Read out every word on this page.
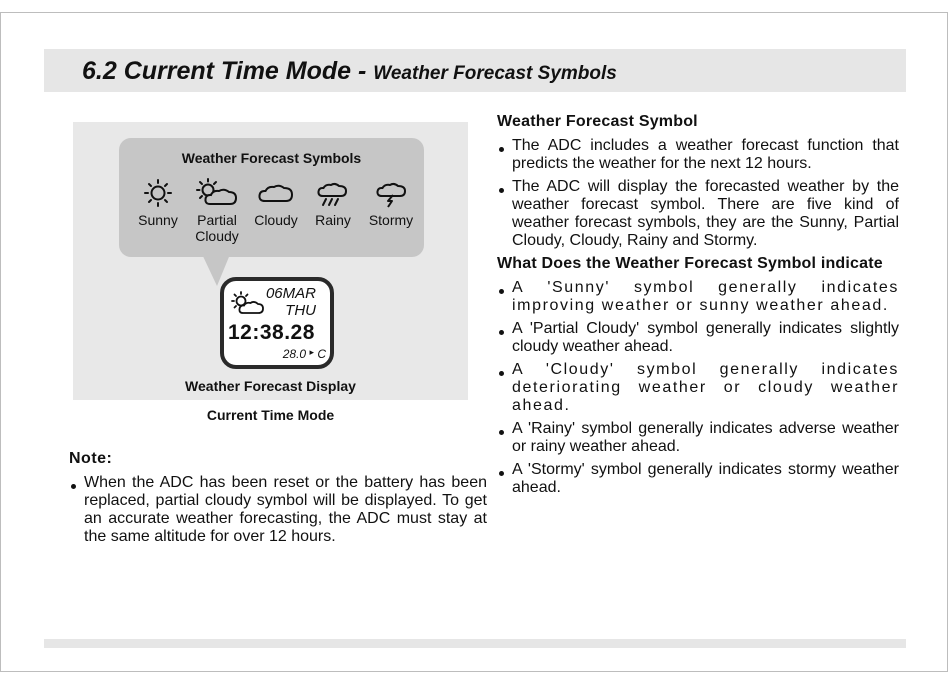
6.2 Current Time Mode - Weather Forecast Symbols
Weather Forecast Symbols
Sunny	Partial Cloudy
Cloudy	Rainy	Stormy
06MAR
THU
12:38.28
28.0 ▸ C
Weather Forecast Display
Current Time Mode
Note:
When the ADC has been reset or the battery has been replaced, partial cloudy symbol will be displayed. To get an accurate weather forecasting, the ADC must stay at the same altitude for over 12 hours.
Weather Forecast Symbol
The ADC includes a weather forecast function that predicts the weather for the next 12 hours.
The ADC will display the forecasted weather by the weather forecast symbol. There are five kind of weather forecast symbols, they are the Sunny, Partial Cloudy, Cloudy, Rainy and Stormy.
What Does the Weather Forecast Symbol indicate
A 'Sunny' symbol generally indicates improving weather or sunny weather ahead.
A 'Partial Cloudy' symbol generally indicates slightly cloudy weather ahead.
A 'Cloudy' symbol generally indicates deteriorating weather or cloudy weather ahead.
A 'Rainy' symbol generally indicates adverse weather or rainy weather ahead.
A 'Stormy' symbol generally indicates stormy weather ahead.
